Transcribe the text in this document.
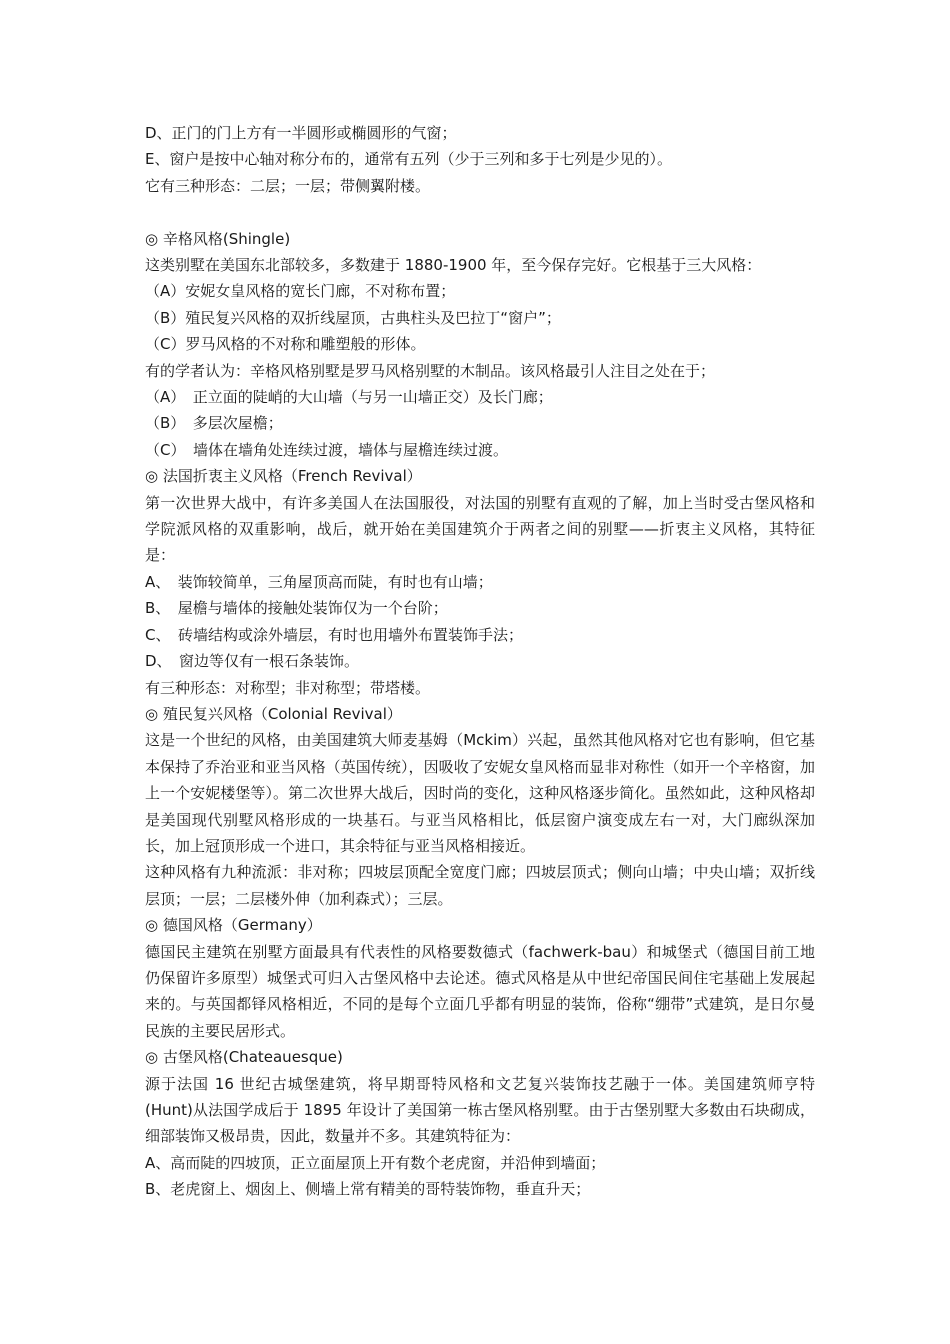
D、正门的门上方有一半圆形或椭圆形的气窗；

E、窗户是按中心轴对称分布的，通常有五列（少于三列和多于七列是少见的）。

它有三种形态：二层；一层；带侧翼附楼。

◎ 辛格风格(Shingle)

这类别墅在美国东北部较多，多数建于 1880-1900 年，至今保存完好。它根基于三大风格：

（A）安妮女皇风格的宽长门廊，不对称布置；

（B）殖民复兴风格的双折线屋顶，古典柱头及巴拉丁“窗户”；

（C）罗马风格的不对称和雕塑般的形体。

有的学者认为：辛格风格别墅是罗马风格别墅的木制品。该风格最引人注目之处在于；

（A）　正立面的陡峭的大山墙（与另一山墙正交）及长门廊；

（B）　多层次屋檐；

（C）　墙体在墙角处连续过渡，墙体与屋檐连续过渡。

◎ 法国折衷主义风格（French Revival）

第一次世界大战中，有许多美国人在法国服役，对法国的别墅有直观的了解，加上当时受古堡风格和学院派风格的双重影响，战后，就开始在美国建筑介于两者之间的别墅——折衷主义风格，其特征是：

A、　装饰较简单，三角屋顶高而陡，有时也有山墙；

B、　屋檐与墙体的接触处装饰仅为一个台阶；

C、　砖墙结构或涂外墙层，有时也用墙外布置装饰手法；

D、　窗边等仅有一根石条装饰。

有三种形态：对称型；非对称型；带塔楼。

◎ 殖民复兴风格（Colonial Revival）

这是一个世纪的风格，由美国建筑大师麦基姆（Mckim）兴起，虽然其他风格对它也有影响，但它基本保持了乔治亚和亚当风格（英国传统），因吸收了安妮女皇风格而显非对称性（如开一个辛格窗，加上一个安妮楼堡等）。第二次世界大战后，因时尚的变化，这种风格逐步简化。虽然如此，这种风格却是美国现代别墅风格形成的一块基石。与亚当风格相比，低层窗户演变成左右一对，大门廊纵深加长，加上冠顶形成一个进口，其余特征与亚当风格相接近。

这种风格有九种流派：非对称；四坡层顶配全宽度门廊；四坡层顶式；侧向山墙；中央山墙；双折线层顶；一层；二层楼外伸（加利森式）；三层。

◎ 德国风格（Germany）

德国民主建筑在别墅方面最具有代表性的风格要数德式（fachwerk-bau）和城堡式（德国目前工地仍保留许多原型）城堡式可归入古堡风格中去论述。德式风格是从中世纪帝国民间住宅基础上发展起来的。与英国都铎风格相近，不同的是每个立面几乎都有明显的装饰，俗称“绷带”式建筑，是日尔曼民族的主要民居形式。

◎ 古堡风格(Chateauesque)

源于法国 16 世纪古城堡建筑，将早期哥特风格和文艺复兴装饰技艺融于一体。美国建筑师亨特(Hunt)从法国学成后于 1895 年设计了美国第一栋古堡风格别墅。由于古堡别墅大多数由石块砌成，细部装饰又极昂贵，因此，数量并不多。其建筑特征为：

A、高而陡的四坡顶，正立面屋顶上开有数个老虎窗，并沿伸到墙面；

B、老虎窗上、烟囱上、侧墙上常有精美的哥特装饰物，垂直升天；
